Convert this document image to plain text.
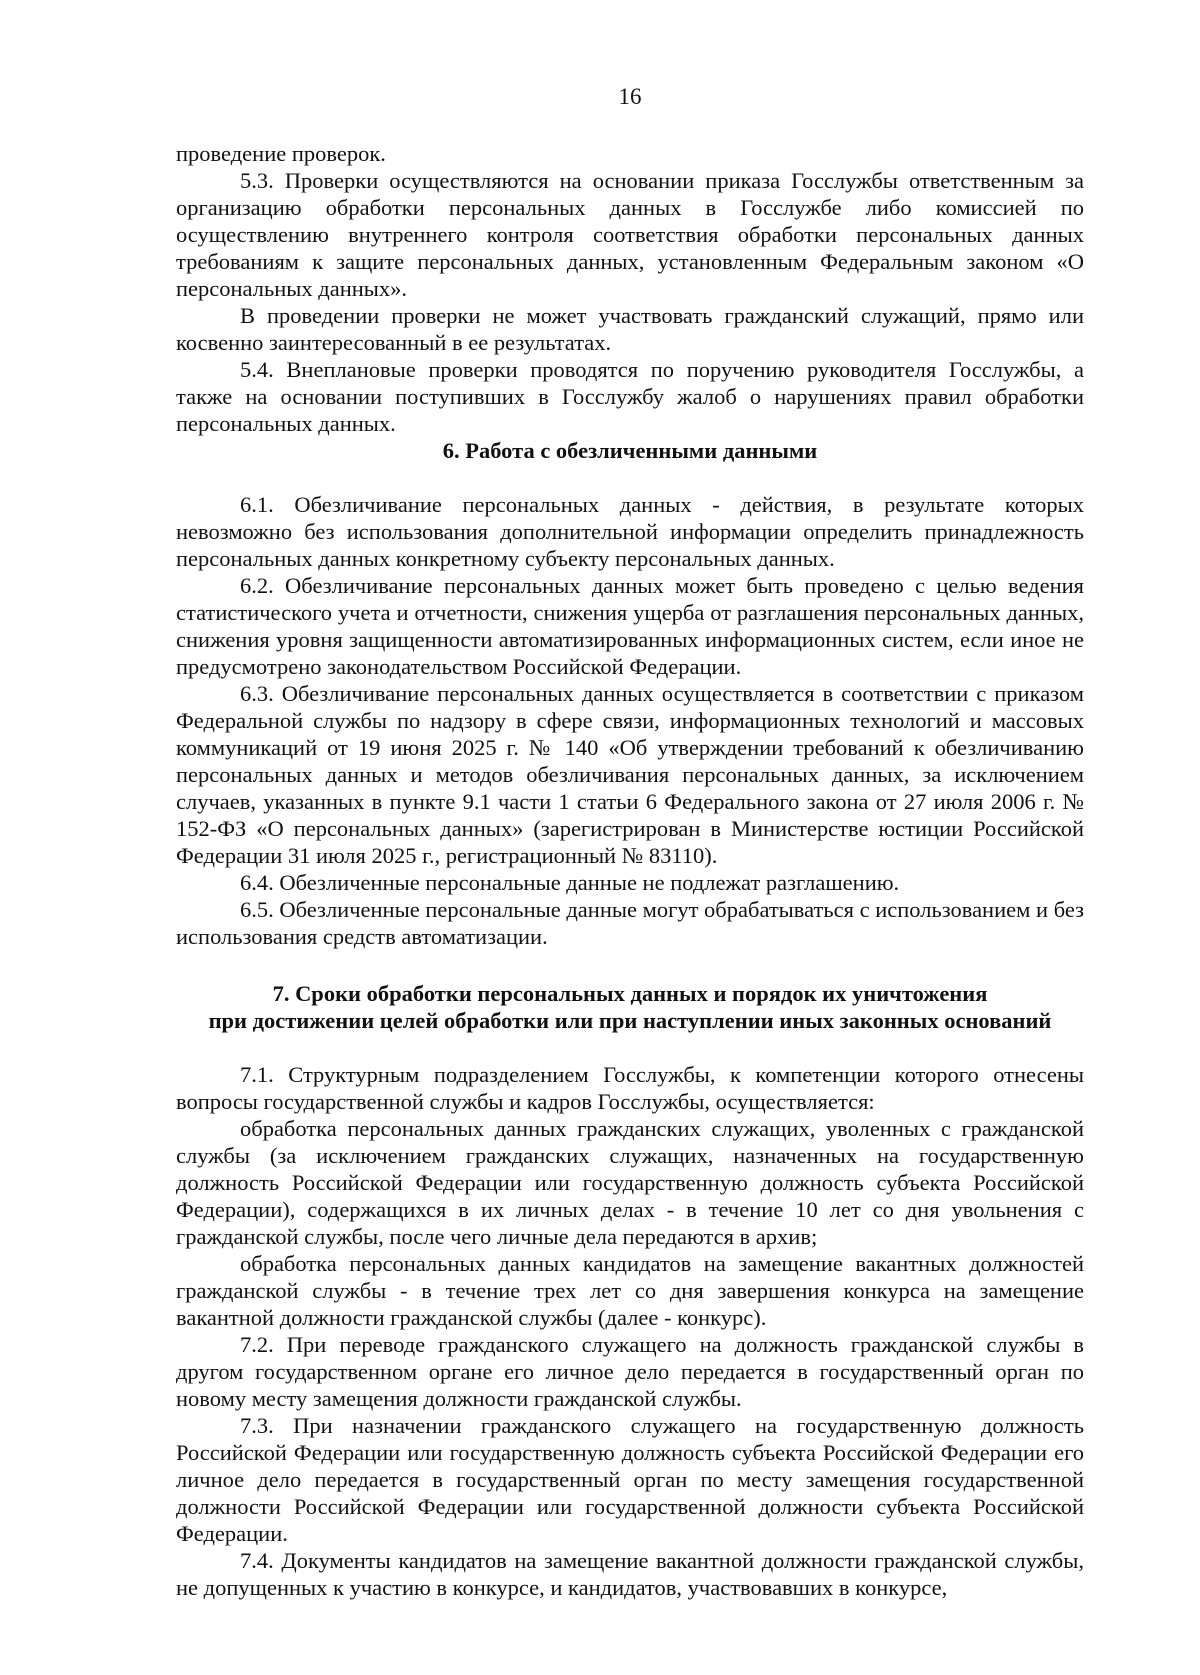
16

проведение проверок.

5.3. Проверки осуществляются на основании приказа Госслужбы ответственным за организацию обработки персональных данных в Госслужбе либо комиссией по осуществлению внутреннего контроля соответствия обработки персональных данных требованиям к защите персональных данных, установленным Федеральным законом «О персональных данных».

В проведении проверки не может участвовать гражданский служащий, прямо или косвенно заинтересованный в ее результатах.

5.4. Внеплановые проверки проводятся по поручению руководителя Госслужбы, а также на основании поступивших в Госслужбу жалоб о нарушениях правил обработки персональных данных.

6. Работа с обезличенными данными

6.1. Обезличивание персональных данных - действия, в результате которых невозможно без использования дополнительной информации определить принадлежность персональных данных конкретному субъекту персональных данных.

6.2. Обезличивание персональных данных может быть проведено с целью ведения статистического учета и отчетности, снижения ущерба от разглашения персональных данных, снижения уровня защищенности автоматизированных информационных систем, если иное не предусмотрено законодательством Российской Федерации.

6.3. Обезличивание персональных данных осуществляется в соответствии с приказом Федеральной службы по надзору в сфере связи, информационных технологий и массовых коммуникаций от 19 июня 2025 г. № 140 «Об утверждении требований к обезличиванию персональных данных и методов обезличивания персональных данных, за исключением случаев, указанных в пункте 9.1 части 1 статьи 6 Федерального закона от 27 июля 2006 г. № 152-ФЗ «О персональных данных» (зарегистрирован в Министерстве юстиции Российской Федерации 31 июля 2025 г., регистрационный № 83110).

6.4. Обезличенные персональные данные не подлежат разглашению.

6.5. Обезличенные персональные данные могут обрабатываться с использованием и без использования средств автоматизации.

7. Сроки обработки персональных данных и порядок их уничтожения

при достижении целей обработки или при наступлении иных законных оснований

7.1. Структурным подразделением Госслужбы, к компетенции которого отнесены вопросы государственной службы и кадров Госслужбы, осуществляется:

обработка персональных данных гражданских служащих, уволенных с гражданской службы (за исключением гражданских служащих, назначенных на государственную должность Российской Федерации или государственную должность субъекта Российской Федерации), содержащихся в их личных делах - в течение 10 лет со дня увольнения с гражданской службы, после чего личные дела передаются в архив;

обработка персональных данных кандидатов на замещение вакантных должностей гражданской службы - в течение трех лет со дня завершения конкурса на замещение вакантной должности гражданской службы (далее - конкурс).

7.2. При переводе гражданского служащего на должность гражданской службы в другом государственном органе его личное дело передается в государственный орган по новому месту замещения должности гражданской службы.

7.3. При назначении гражданского служащего на государственную должность Российской Федерации или государственную должность субъекта Российской Федерации его личное дело передается в государственный орган по месту замещения государственной должности Российской Федерации или государственной должности субъекта Российской Федерации.

7.4. Документы кандидатов на замещение вакантной должности гражданской службы, не допущенных к участию в конкурсе, и кандидатов, участвовавших в конкурсе,
